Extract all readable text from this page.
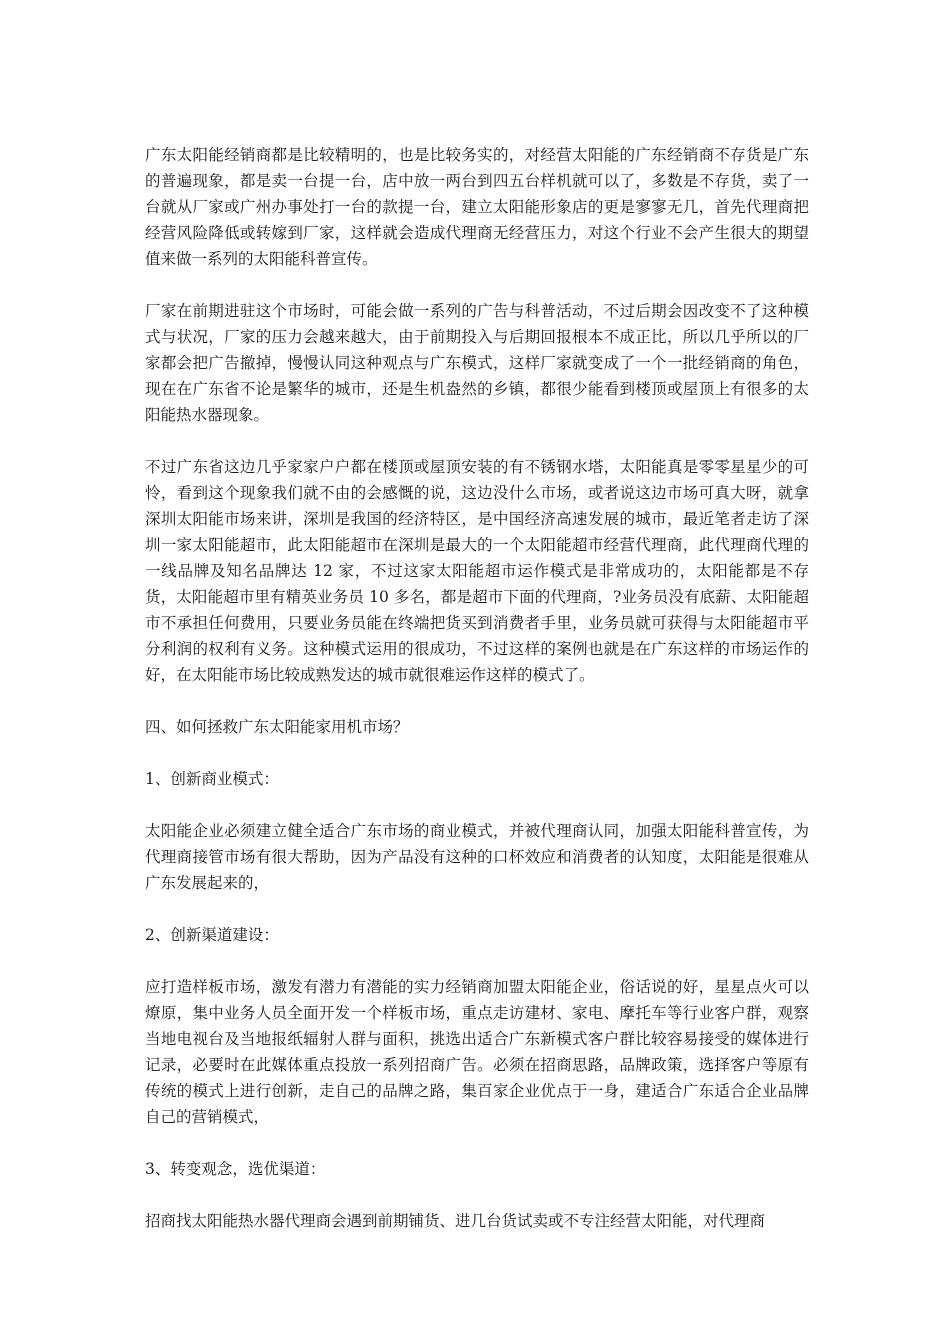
广东太阳能经销商都是比较精明的，也是比较务实的，对经营太阳能的广东经销商不存货是广东的普遍现象，都是卖一台提一台，店中放一两台到四五台样机就可以了，多数是不存货，卖了一台就从厂家或广州办事处打一台的款提一台，建立太阳能形象店的更是寥寥无几，首先代理商把经营风险降低或转嫁到厂家，这样就会造成代理商无经营压力，对这个行业不会产生很大的期望值来做一系列的太阳能科普宣传。

厂家在前期进驻这个市场时，可能会做一系列的广告与科普活动，不过后期会因改变不了这种模式与状况，厂家的压力会越来越大，由于前期投入与后期回报根本不成正比，所以几乎所以的厂家都会把广告撤掉，慢慢认同这种观点与广东模式，这样厂家就变成了一个一批经销商的角色，现在在广东省不论是繁华的城市，还是生机盎然的乡镇，都很少能看到楼顶或屋顶上有很多的太阳能热水器现象。

不过广东省这边几乎家家户户都在楼顶或屋顶安装的有不锈钢水塔，太阳能真是零零星星少的可怜，看到这个现象我们就不由的会感慨的说，这边没什么市场，或者说这边市场可真大呀，就拿深圳太阳能市场来讲，深圳是我国的经济特区，是中国经济高速发展的城市，最近笔者走访了深圳一家太阳能超市，此太阳能超市在深圳是最大的一个太阳能超市经营代理商，此代理商代理的一线品牌及知名品牌达 12 家，不过这家太阳能超市运作模式是非常成功的，太阳能都是不存货，太阳能超市里有精英业务员 10 多名，都是超市下面的代理商，?业务员没有底薪、太阳能超市不承担任何费用，只要业务员能在终端把货买到消费者手里，业务员就可获得与太阳能超市平分利润的权利有义务。这种模式运用的很成功，不过这样的案例也就是在广东这样的市场运作的好，在太阳能市场比较成熟发达的城市就很难运作这样的模式了。

四、如何拯救广东太阳能家用机市场？

1、创新商业模式：

太阳能企业必须建立健全适合广东市场的商业模式，并被代理商认同，加强太阳能科普宣传，为代理商接管市场有很大帮助，因为产品没有这种的口杯效应和消费者的认知度，太阳能是很难从广东发展起来的，

2、创新渠道建设：

应打造样板市场，激发有潜力有潜能的实力经销商加盟太阳能企业，俗话说的好，星星点火可以燎原，集中业务人员全面开发一个样板市场，重点走访建材、家电、摩托车等行业客户群，观察当地电视台及当地报纸辐射人群与面积，挑选出适合广东新模式客户群比较容易接受的媒体进行记录，必要时在此媒体重点投放一系列招商广告。必须在招商思路，品牌政策，选择客户等原有传统的模式上进行创新，走自己的品牌之路，集百家企业优点于一身，建适合广东适合企业品牌自己的营销模式，

3、转变观念，选优渠道：

招商找太阳能热水器代理商会遇到前期铺货、进几台货试卖或不专注经营太阳能，对代理商
